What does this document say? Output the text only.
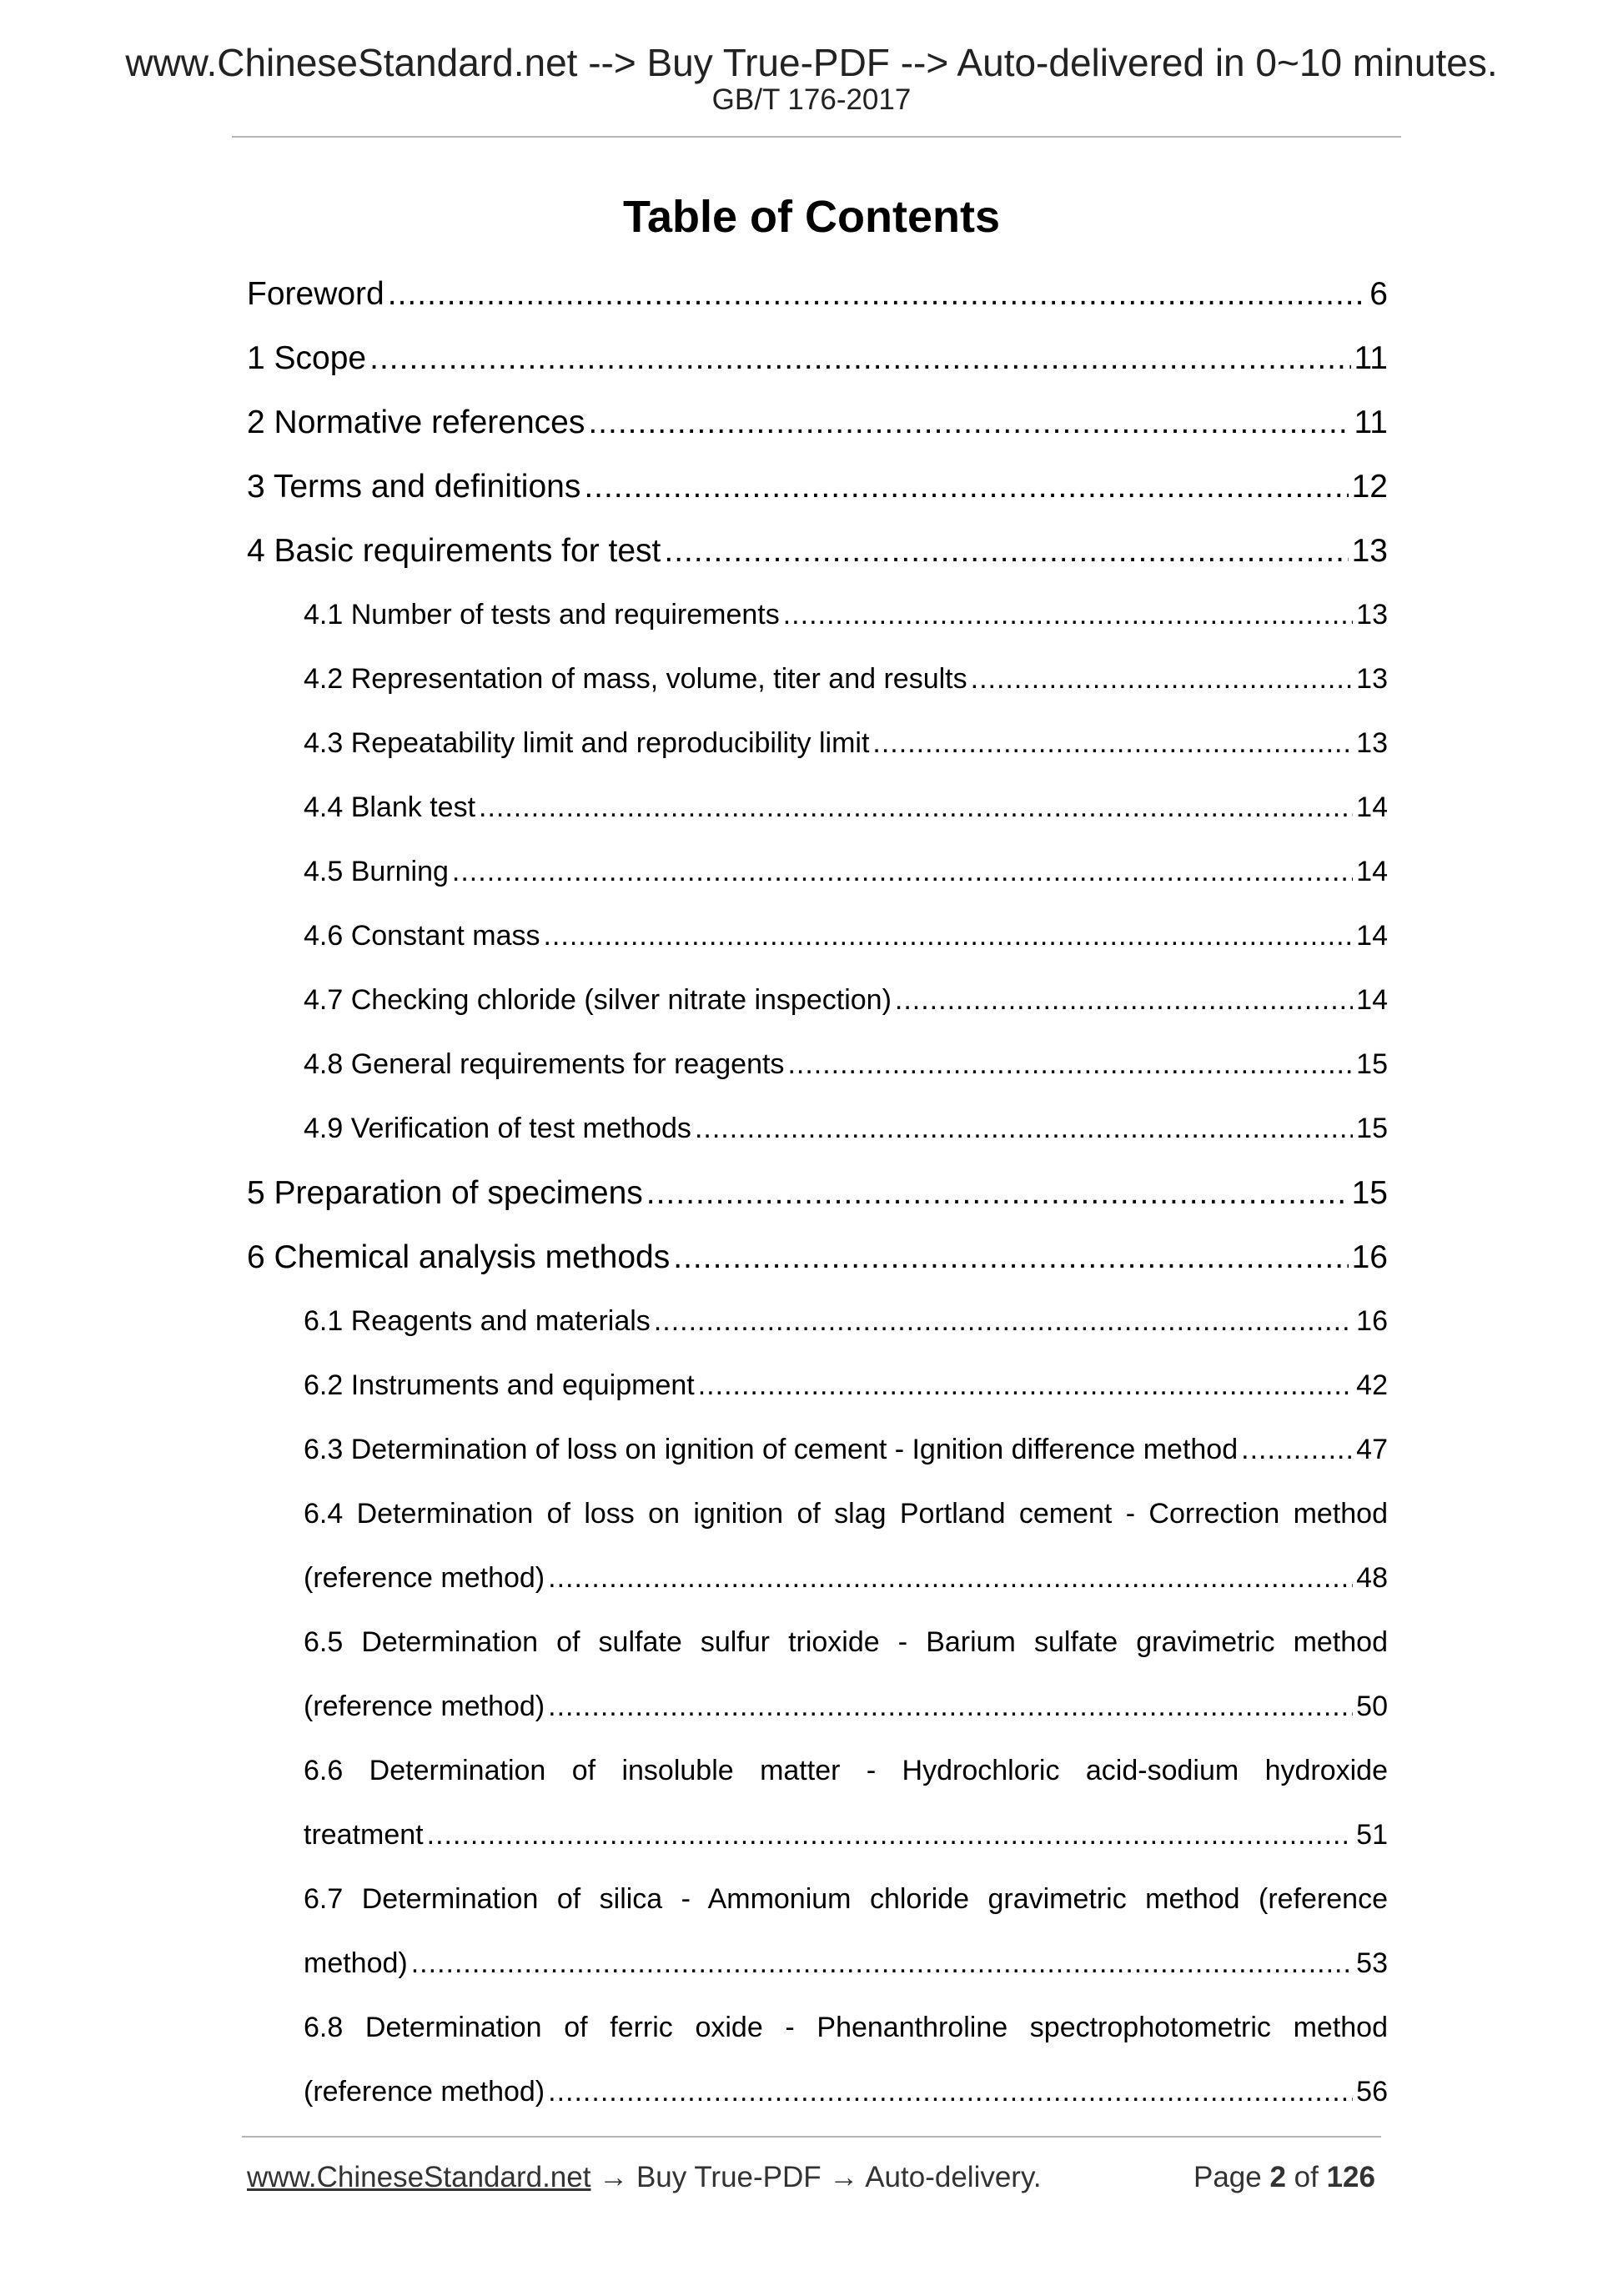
www.ChineseStandard.net --> Buy True-PDF --> Auto-delivered in 0~10 minutes.
GB/T 176-2017
Table of Contents
Foreword .....	6
1 Scope .....	11
2 Normative references .....	11
3 Terms and definitions .....	12
4 Basic requirements for test .....	13
4.1 Number of tests and requirements .....	13
4.2 Representation of mass, volume, titer and results .....	13
4.3 Repeatability limit and reproducibility limit .....	13
4.4 Blank test .....	14
4.5 Burning .....	14
4.6 Constant mass .....	14
4.7 Checking chloride (silver nitrate inspection) .....	14
4.8 General requirements for reagents .....	15
4.9 Verification of test methods .....	15
5 Preparation of specimens .....	15
6 Chemical analysis methods .....	16
6.1 Reagents and materials .....	16
6.2 Instruments and equipment .....	42
6.3 Determination of loss on ignition of cement - Ignition difference method .....	47
6.4 Determination of loss on ignition of slag Portland cement - Correction method
(reference method) .....	48
6.5 Determination of sulfate sulfur trioxide - Barium sulfate gravimetric method
(reference method) .....	50
6.6 Determination of insoluble matter - Hydrochloric acid-sodium hydroxide
treatment .....	51
6.7 Determination of silica - Ammonium chloride gravimetric method (reference
method) .....	53
6.8 Determination of ferric oxide - Phenanthroline spectrophotometric method
(reference method) .....	56
www.ChineseStandard.net → Buy True-PDF → Auto-delivery.	Page 2 of 126
